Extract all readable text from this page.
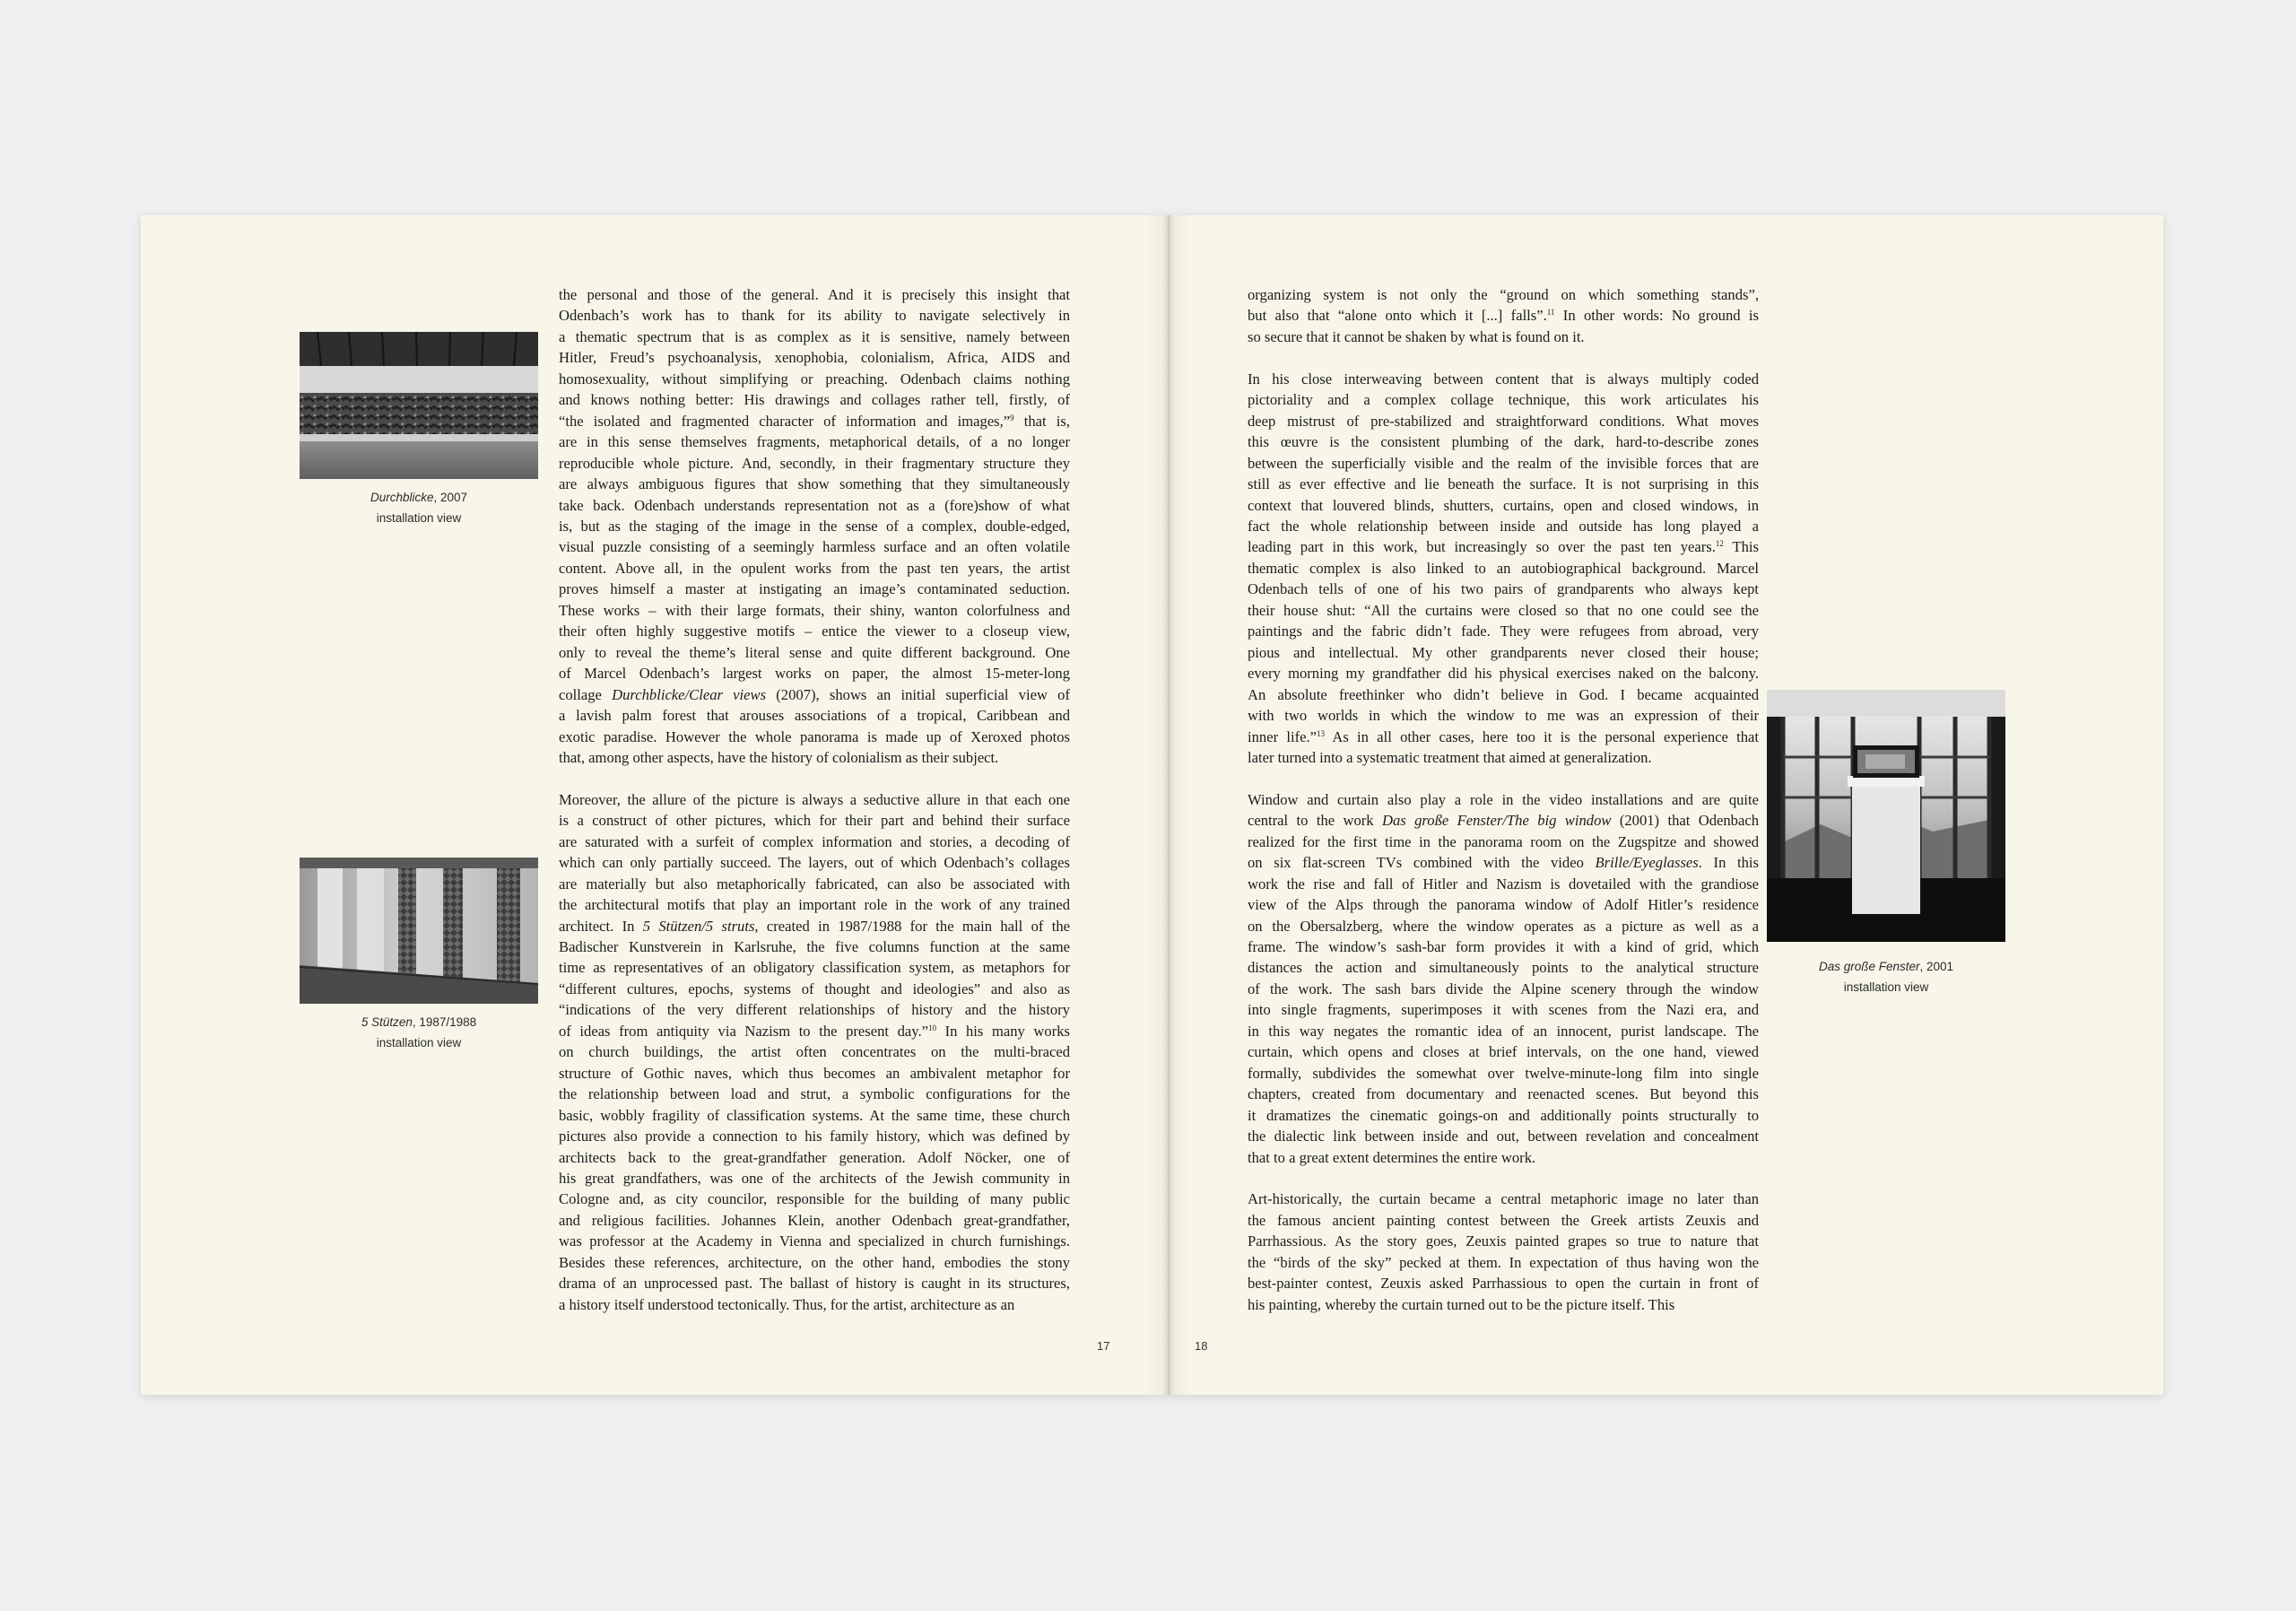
Durchblicke, 2007
installation view
5 Stützen, 1987/1988
installation view

the personal and those of the general. And it is precisely this insight that
Odenbach’s work has to thank for its ability to navigate selectively in
a thematic spectrum that is as complex as it is sensitive, namely between
Hitler, Freud’s psychoanalysis, xenophobia, colonialism, Africa, AIDS and
homosexuality, without simplifying or preaching. Odenbach claims nothing
and knows nothing better: His drawings and collages rather tell, firstly, of
“the isolated and fragmented character of information and images,”$^9$ that is,
are in this sense themselves fragments, metaphorical details, of a no longer
reproducible whole picture. And, secondly, in their fragmentary structure they
are always ambiguous figures that show something that they simultaneously
take back. Odenbach understands representation not as a (fore)show of what
is, but as the staging of the image in the sense of a complex, double-edged,
visual puzzle consisting of a seemingly harmless surface and an often volatile
content. Above all, in the opulent works from the past ten years, the artist
proves himself a master at instigating an image’s contaminated seduction.
These works – with their large formats, their shiny, wanton colorfulness and
their often highly suggestive motifs – entice the viewer to a closeup view,
only to reveal the theme’s literal sense and quite different background. One
of Marcel Odenbach’s largest works on paper, the almost 15-meter-long
collage Durchblicke/Clear views (2007), shows an initial superficial view of
a lavish palm forest that arouses associations of a tropical, Caribbean and
exotic paradise. However the whole panorama is made up of Xeroxed photos
that, among other aspects, have the history of colonialism as their subject.

Moreover, the allure of the picture is always a seductive allure in that each one
is a construct of other pictures, which for their part and behind their surface
are saturated with a surfeit of complex information and stories, a decoding of
which can only partially succeed. The layers, out of which Odenbach’s collages
are materially but also metaphorically fabricated, can also be associated with
the architectural motifs that play an important role in the work of any trained
architect. In 5 Stützen/5 struts, created in 1987/1988 for the main hall of the
Badischer Kunstverein in Karlsruhe, the five columns function at the same
time as representatives of an obligatory classification system, as metaphors for
“different cultures, epochs, systems of thought and ideologies” and also as
“indications of the very different relationships of history and the history
of ideas from antiquity via Nazism to the present day.”$^{10}$ In his many works
on church buildings, the artist often concentrates on the multi-braced
structure of Gothic naves, which thus becomes an ambivalent metaphor for
the relationship between load and strut, a symbolic configurations for the
basic, wobbly fragility of classification systems. At the same time, these church
pictures also provide a connection to his family history, which was defined by
architects back to the great-grandfather generation. Adolf Nöcker, one of
his great grandfathers, was one of the architects of the Jewish community in
Cologne and, as city councilor, responsible for the building of many public
and religious facilities. Johannes Klein, another Odenbach great-grandfather,
was professor at the Academy in Vienna and specialized in church furnishings.
Besides these references, architecture, on the other hand, embodies the stony
drama of an unprocessed past. The ballast of history is caught in its structures,
a history itself understood tectonically. Thus, for the artist, architecture as an

organizing system is not only the “ground on which something stands”,
but also that “alone onto which it [...] falls”.$^{11}$ In other words: No ground is
so secure that it cannot be shaken by what is found on it.

In his close interweaving between content that is always multiply coded
pictoriality and a complex collage technique, this work articulates his
deep mistrust of pre-stabilized and straightforward conditions. What moves
this œuvre is the consistent plumbing of the dark, hard-to-describe zones
between the superficially visible and the realm of the invisible forces that are
still as ever effective and lie beneath the surface. It is not surprising in this
context that louvered blinds, shutters, curtains, open and closed windows, in
fact the whole relationship between inside and outside has long played a
leading part in this work, but increasingly so over the past ten years.$^{12}$ This
thematic complex is also linked to an autobiographical background. Marcel
Odenbach tells of one of his two pairs of grandparents who always kept
their house shut: “All the curtains were closed so that no one could see the
paintings and the fabric didn’t fade. They were refugees from abroad, very
pious and intellectual. My other grandparents never closed their house;
every morning my grandfather did his physical exercises naked on the balcony.
An absolute freethinker who didn’t believe in God. I became acquainted
with two worlds in which the window to me was an expression of their
inner life.”$^{13}$ As in all other cases, here too it is the personal experience that
later turned into a systematic treatment that aimed at generalization.

Window and curtain also play a role in the video installations and are quite
central to the work Das große Fenster/The big window (2001) that Odenbach
realized for the first time in the panorama room on the Zugspitze and showed
on six flat-screen TVs combined with the video Brille/Eyeglasses. In this
work the rise and fall of Hitler and Nazism is dovetailed with the grandiose
view of the Alps through the panorama window of Adolf Hitler’s residence
on the Obersalzberg, where the window operates as a picture as well as a
frame. The window’s sash-bar form provides it with a kind of grid, which
distances the action and simultaneously points to the analytical structure
of the work. The sash bars divide the Alpine scenery through the window
into single fragments, superimposes it with scenes from the Nazi era, and
in this way negates the romantic idea of an innocent, purist landscape. The
curtain, which opens and closes at brief intervals, on the one hand, viewed
formally, subdivides the somewhat over twelve-minute-long film into single
chapters, created from documentary and reenacted scenes. But beyond this
it dramatizes the cinematic goings-on and additionally points structurally to
the dialectic link between inside and out, between revelation and concealment
that to a great extent determines the entire work.

Art-historically, the curtain became a central metaphoric image no later than
the famous ancient painting contest between the Greek artists Zeuxis and
Parrhassious. As the story goes, Zeuxis painted grapes so true to nature that
the “birds of the sky” pecked at them. In expectation of thus having won the
best-painter contest, Zeuxis asked Parrhassious to open the curtain in front of
his painting, whereby the curtain turned out to be the picture itself. This

Das große Fenster, 2001
installation view
17	18
